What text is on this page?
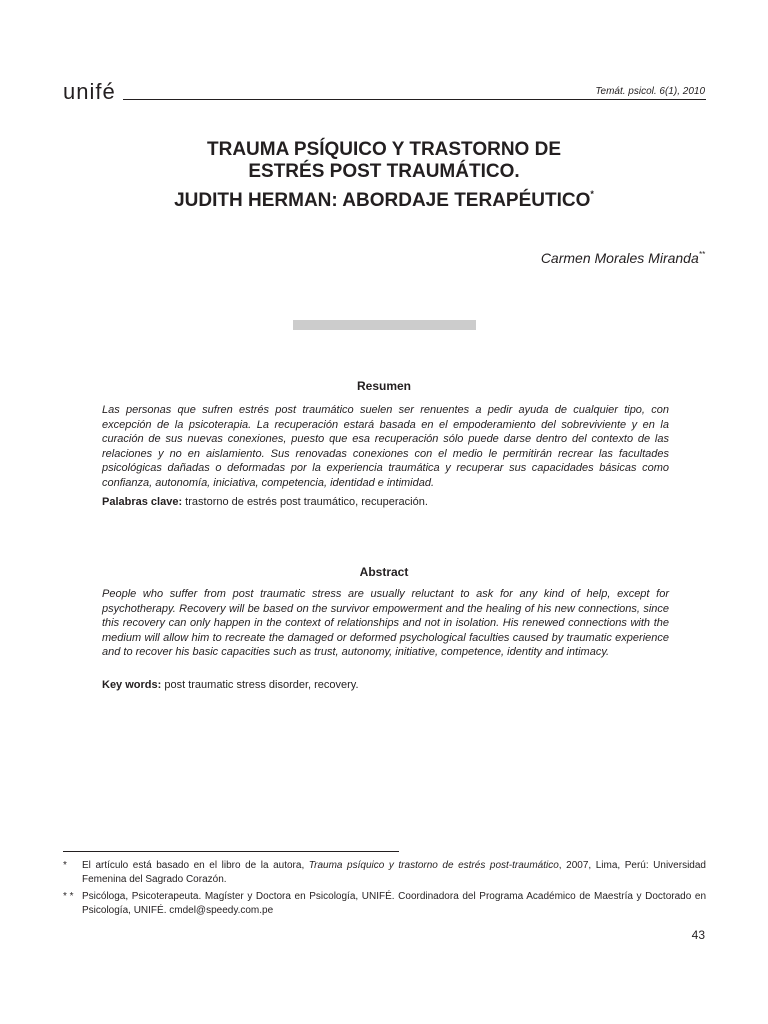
unifé	Temát. psicol. 6(1), 2010
TRAUMA PSÍQUICO Y TRASTORNO DE
ESTRÉS POST TRAUMÁTICO.
JUDITH HERMAN: ABORDAJE TERAPÉUTICO*
Carmen Morales Miranda**
Resumen
Las personas que sufren estrés post traumático suelen ser renuentes a pedir ayuda de cualquier tipo, con excepción de la psicoterapia. La recuperación estará basada en el empoderamiento del sobreviviente y en la curación de sus nuevas conexiones, puesto que esa recuperación sólo puede darse dentro del contexto de las relaciones y no en aislamiento. Sus renovadas conexiones con el medio le permitirán recrear las facultades psicológicas dañadas o deformadas por la experiencia traumática y recuperar sus capacidades básicas como confianza, autonomía, iniciativa, competencia, identidad e intimidad.
Palabras clave: trastorno de estrés post traumático, recuperación.
Abstract
People who suffer from post traumatic stress are usually reluctant to ask for any kind of help, except for psychotherapy. Recovery will be based on the survivor empowerment and the healing of his new connections, since this recovery can only happen in the context of relationships and not in isolation. His renewed connections with the medium will allow him to recreate the damaged or deformed psychological faculties caused by traumatic experience and to recover his basic capacities such as trust, autonomy, initiative, competence, identity and intimacy.
Key words: post traumatic stress disorder, recovery.
* El artículo está basado en el libro de la autora, Trauma psíquico y trastorno de estrés post-traumático, 2007, Lima, Perú: Universidad Femenina del Sagrado Corazón.
* * Psicóloga, Psicoterapeuta. Magíster y Doctora en Psicología, UNIFÉ. Coordinadora del Programa Académico de Maestría y Doctorado en Psicología, UNIFÉ. cmdel@speedy.com.pe
43
